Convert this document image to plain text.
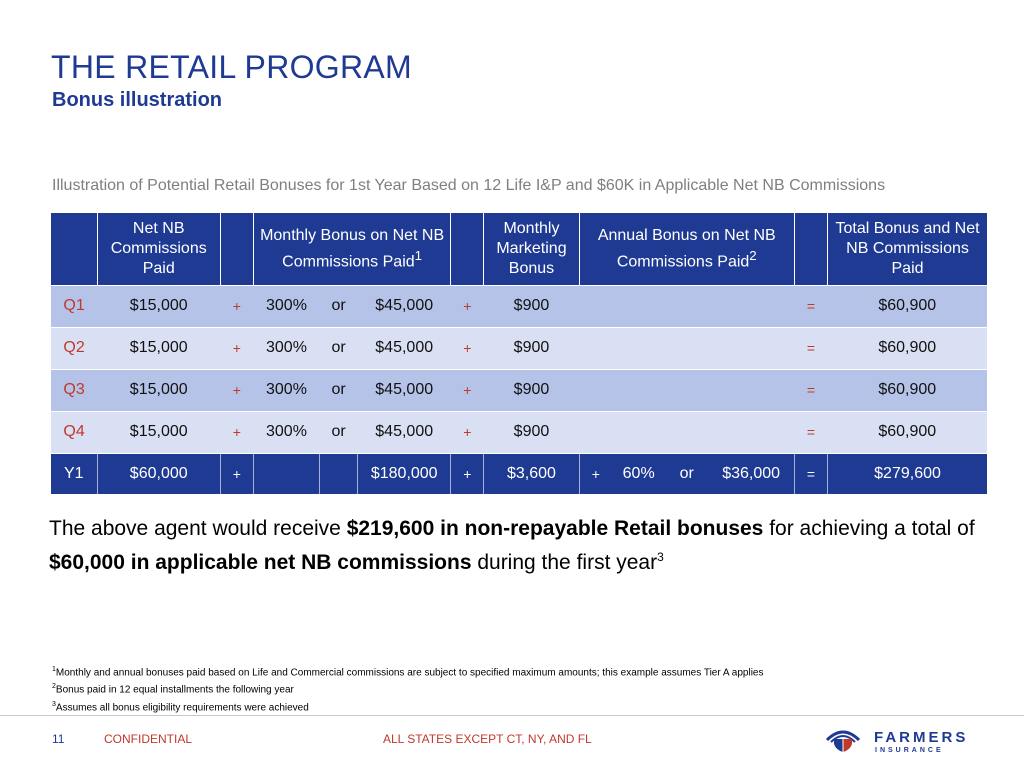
THE RETAIL PROGRAM
Bonus illustration
Illustration of Potential Retail Bonuses for 1st Year Based on 12 Life I&P and $60K in Applicable Net NB Commissions
	Net NB Commissions Paid		Monthly Bonus on Net NB Commissions Paid$^1$				Monthly Marketing Bonus	Annual Bonus on Net NB Commissions Paid$^2$					Total Bonus and Net NB Commissions Paid
Q1	$15,000	+	300%	or	$45,000	+	$900					=	$60,900
Q2	$15,000	+	300%	or	$45,000	+	$900					=	$60,900
Q3	$15,000	+	300%	or	$45,000	+	$900					=	$60,900
Q4	$15,000	+	300%	or	$45,000	+	$900					=	$60,900
Y1	$60,000	+			$180,000	+	$3,600	+	60%	or	$36,000	=	$279,600

The above agent would receive $219,600 in non-repayable Retail bonuses for achieving a total of $60,000 in applicable net NB commissions during the first year$^3$

$^1$Monthly and annual bonuses paid based on Life and Commercial commissions are subject to specified maximum amounts; this example assumes Tier A applies
$^2$Bonus paid in 12 equal installments the following year
$^3$Assumes all bonus eligibility requirements were achieved
11	CONFIDENTIAL	ALL STATES EXCEPT CT, NY, AND FL	FARMERS
INSURANCE
